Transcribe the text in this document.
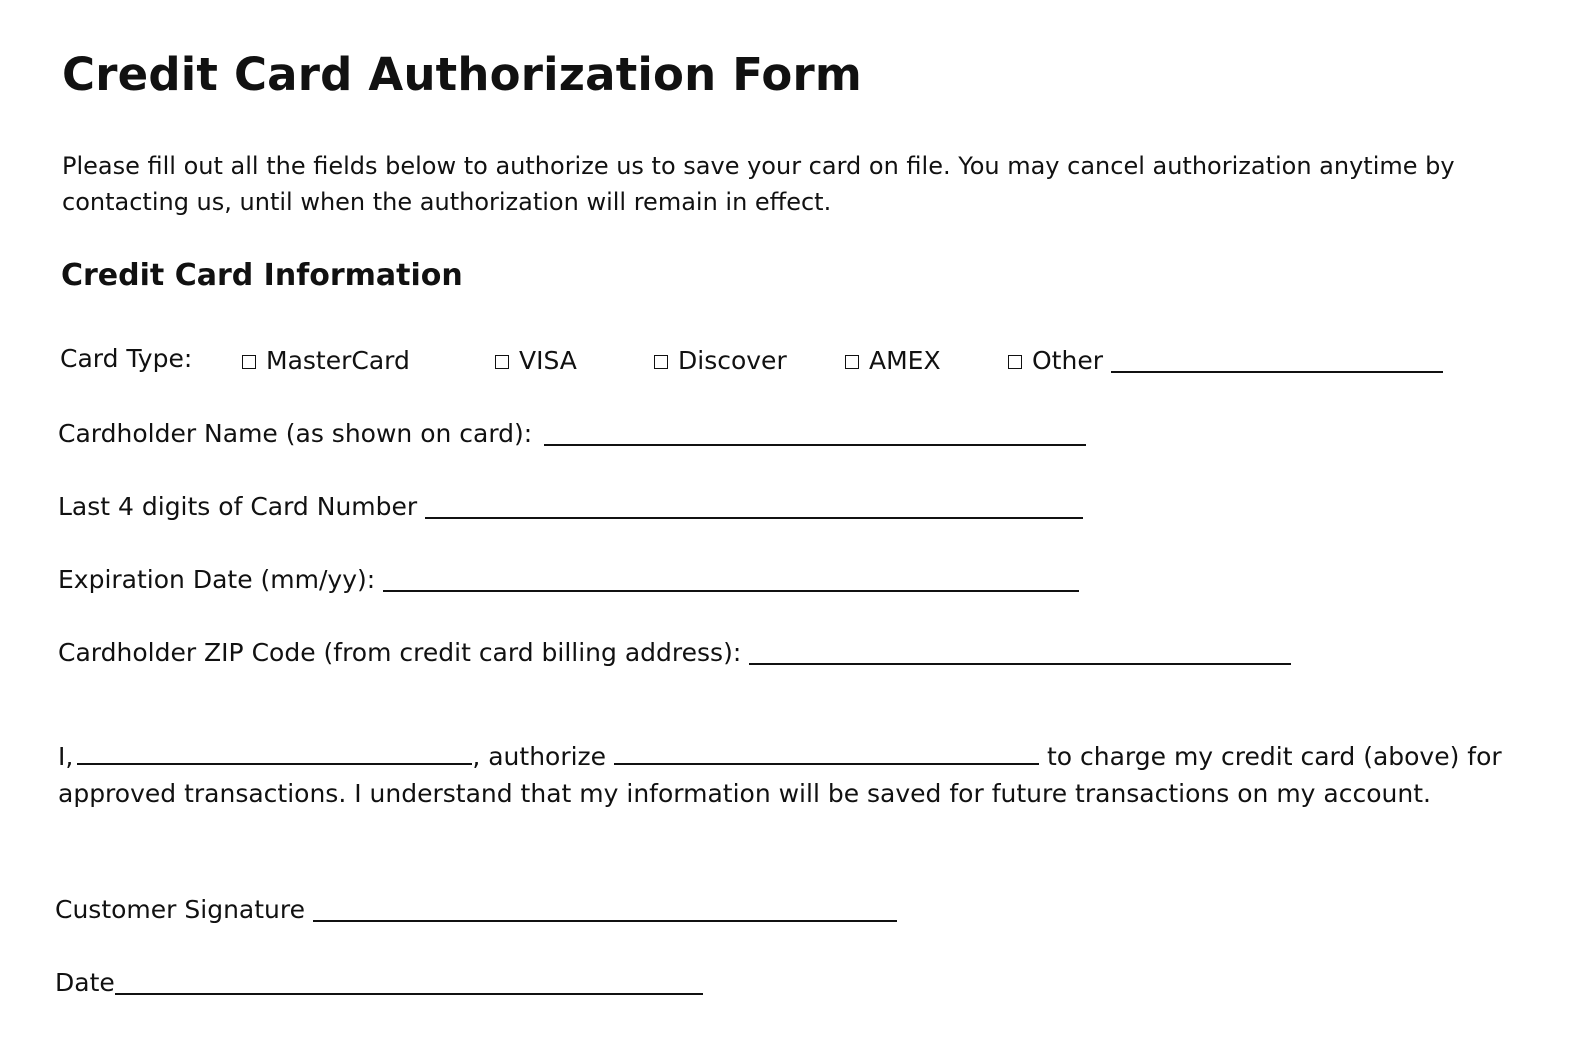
Credit Card Authorization Form

Please fill out all the fields below to authorize us to save your card on file. You may cancel authorization anytime by contacting us, until when the authorization will remain in effect.

Credit Card Information
Card Type:	MasterCard	VISA	Discover	AMEX	Other
Cardholder Name (as shown on card):
Last 4 digits of Card Number
Expiration Date (mm/yy):
Cardholder ZIP Code (from credit card billing address):
I,	, authorize	to charge my credit card (above) for approved transactions. I understand that my information will be saved for future transactions on my account.
Customer Signature
Date
